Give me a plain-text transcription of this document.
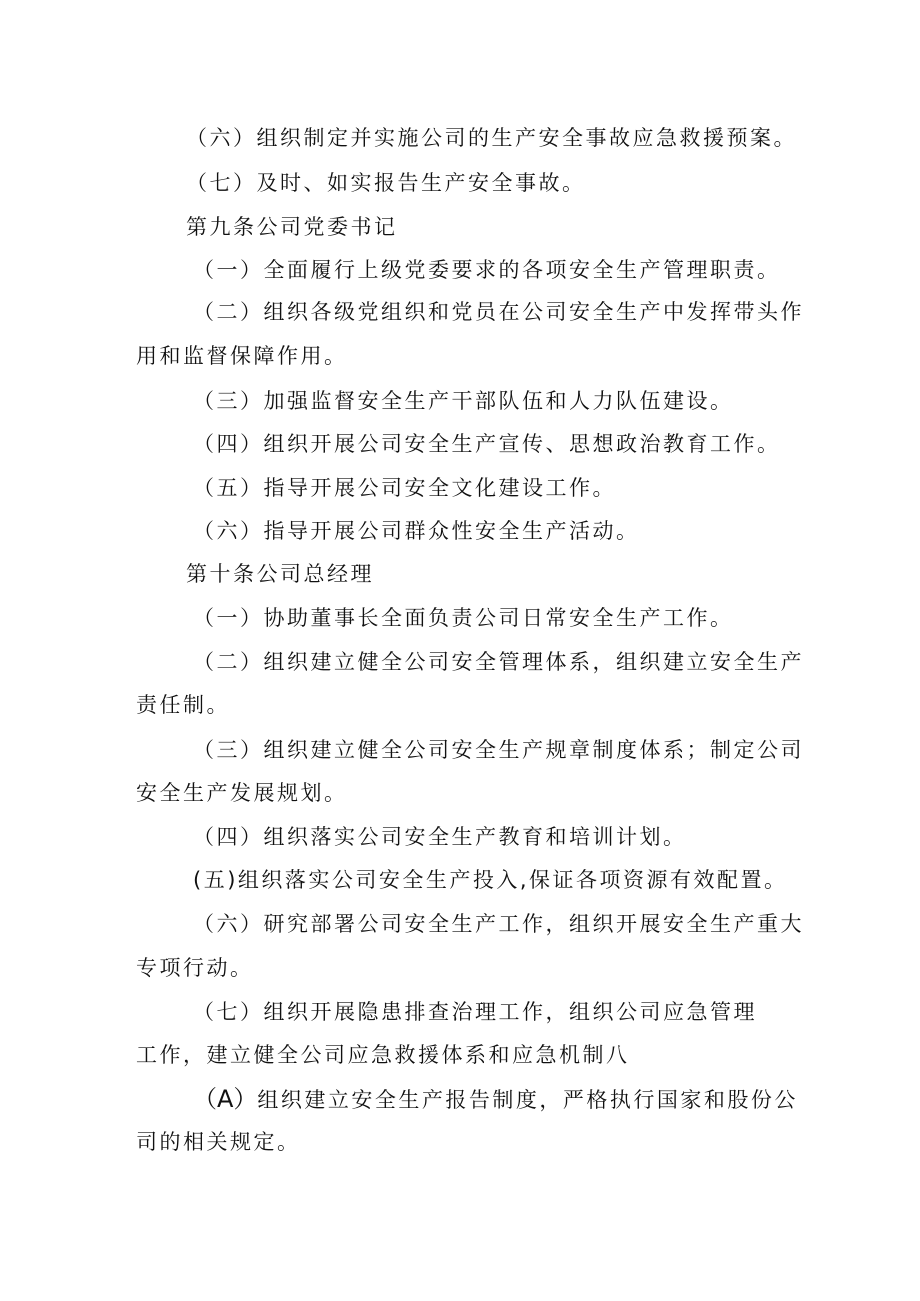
（六）组织制定并实施公司的生产安全事故应急救援预案。
（七）及时、如实报告生产安全事故。
第九条公司党委书记
（一）全面履行上级党委要求的各项安全生产管理职责。
（二）组织各级党组织和党员在公司安全生产中发挥带头作
用和监督保障作用。
（三）加强监督安全生产干部队伍和人力队伍建设。
（四）组织开展公司安全生产宣传、思想政治教育工作。
（五）指导开展公司安全文化建设工作。
（六）指导开展公司群众性安全生产活动。
第十条公司总经理
（一）协助董事长全面负责公司日常安全生产工作。
（二）组织建立健全公司安全管理体系，组织建立安全生产
责任制。
（三）组织建立健全公司安全生产规章制度体系；制定公司
安全生产发展规划。
（四）组织落实公司安全生产教育和培训计划。
(五)组织落实公司安全生产投入,保证各项资源有效配置。
（六）研究部署公司安全生产工作，组织开展安全生产重大
专项行动。
（七）组织开展隐患排查治理工作，组织公司应急管理
工作，建立健全公司应急救援体系和应急机制八
（A）组织建立安全生产报告制度，严格执行国家和股份公
司的相关规定。
